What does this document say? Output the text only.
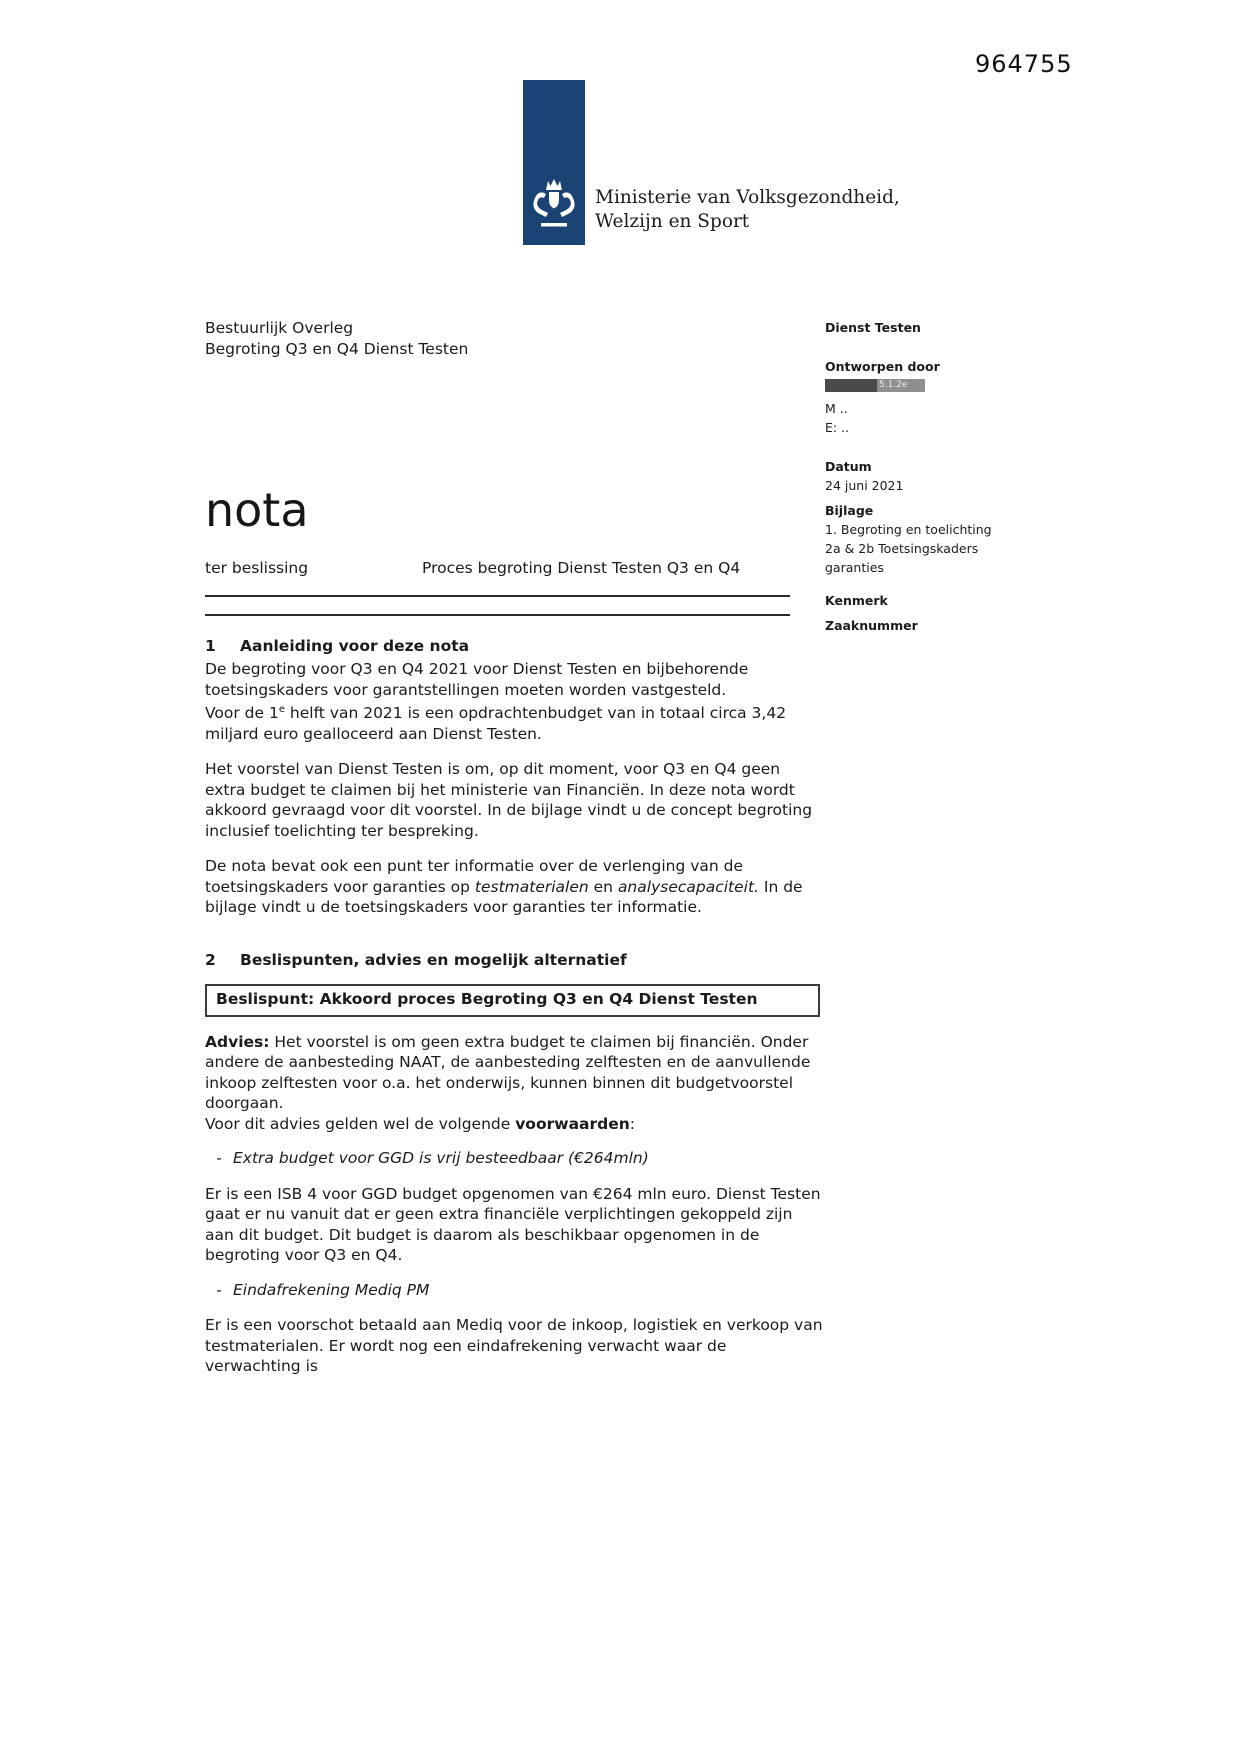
964755
Ministerie van Volksgezondheid,
Welzijn en Sport
Bestuurlijk Overleg
Begroting Q3 en Q4 Dienst Testen
nota
ter beslissing	Proces begroting Dienst Testen Q3 en Q4
1	Aanleiding voor deze nota
De begroting voor Q3 en Q4 2021 voor Dienst Testen en bijbehorende toetsingskaders voor garantstellingen moeten worden vastgesteld.
Voor de 1e helft van 2021 is een opdrachtenbudget van in totaal circa 3,42 miljard euro gealloceerd aan Dienst Testen.
Het voorstel van Dienst Testen is om, op dit moment, voor Q3 en Q4 geen extra budget te claimen bij het ministerie van Financiën. In deze nota wordt akkoord gevraagd voor dit voorstel. In de bijlage vindt u de concept begroting inclusief toelichting ter bespreking.
De nota bevat ook een punt ter informatie over de verlenging van de toetsingskaders voor garanties op testmaterialen en analysecapaciteit. In de bijlage vindt u de toetsingskaders voor garanties ter informatie.
2	Beslispunten, advies en mogelijk alternatief
Beslispunt: Akkoord proces Begroting Q3 en Q4 Dienst Testen
Advies: Het voorstel is om geen extra budget te claimen bij financiën. Onder andere de aanbesteding NAAT, de aanbesteding zelftesten en de aanvullende inkoop zelftesten voor o.a. het onderwijs, kunnen binnen dit budgetvoorstel doorgaan.
Voor dit advies gelden wel de volgende voorwaarden:
- Extra budget voor GGD is vrij besteedbaar (€264mln)
Er is een ISB 4 voor GGD budget opgenomen van €264 mln euro. Dienst Testen gaat er nu vanuit dat er geen extra financiële verplichtingen gekoppeld zijn aan dit budget. Dit budget is daarom als beschikbaar opgenomen in de begroting voor Q3 en Q4.
- Eindafrekening Mediq PM
Er is een voorschot betaald aan Mediq voor de inkoop, logistiek en verkoop van testmaterialen. Er wordt nog een eindafrekening verwacht waar de verwachting is
Dienst Testen
Ontworpen door
5.1.2e
M ..
E: ..
Datum
24 juni 2021
Bijlage
1. Begroting en toelichting
2a & 2b Toetsingskaders
garanties
Kenmerk
Zaaknummer
